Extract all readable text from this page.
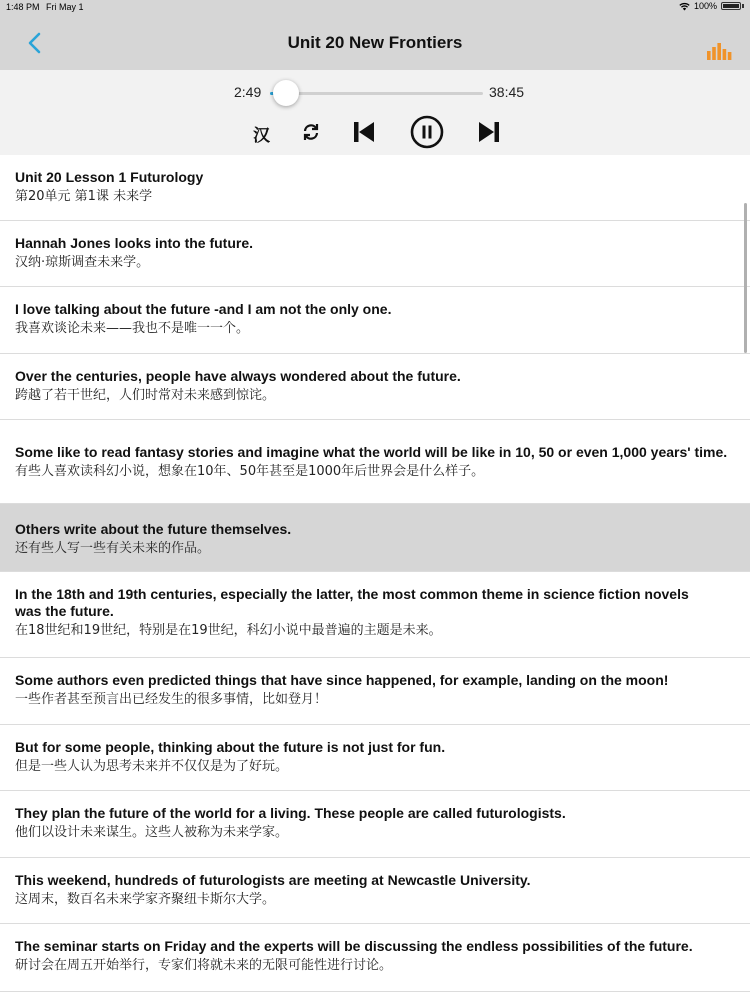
1:48 PM Fri May 1	100%
Unit 20 New Frontiers
2:49	38:45
汉
Unit 20 Lesson 1 Futurology
第20单元 第1课 未来学
Hannah Jones looks into the future.
汉纳·琼斯调查未来学。
I love talking about the future -and I am not the only one.
我喜欢谈论未来——我也不是唯一一个。
Over the centuries, people have always wondered about the future.
跨越了若干世纪，人们时常对未来感到惊诧。
Some like to read fantasy stories and imagine what the world will be like in 10, 50 or even 1,000 years' time.
有些人喜欢读科幻小说，想象在10年、50年甚至是1000年后世界会是什么样子。
Others write about the future themselves.
还有些人写一些有关未来的作品。
In the 18th and 19th centuries, especially the latter, the most common theme in science fiction novels was the future.
在18世纪和19世纪，特别是在19世纪，科幻小说中最普遍的主题是未来。
Some authors even predicted things that have since happened, for example, landing on the moon!
一些作者甚至预言出已经发生的很多事情，比如登月！
But for some people, thinking about the future is not just for fun.
但是一些人认为思考未来并不仅仅是为了好玩。
They plan the future of the world for a living. These people are called futurologists.
他们以设计未来谋生。这些人被称为未来学家。
This weekend, hundreds of futurologists are meeting at Newcastle University.
这周末，数百名未来学家齐聚纽卡斯尔大学。
The seminar starts on Friday and the experts will be discussing the endless possibilities of the future.
研讨会在周五开始举行，专家们将就未来的无限可能性进行讨论。
